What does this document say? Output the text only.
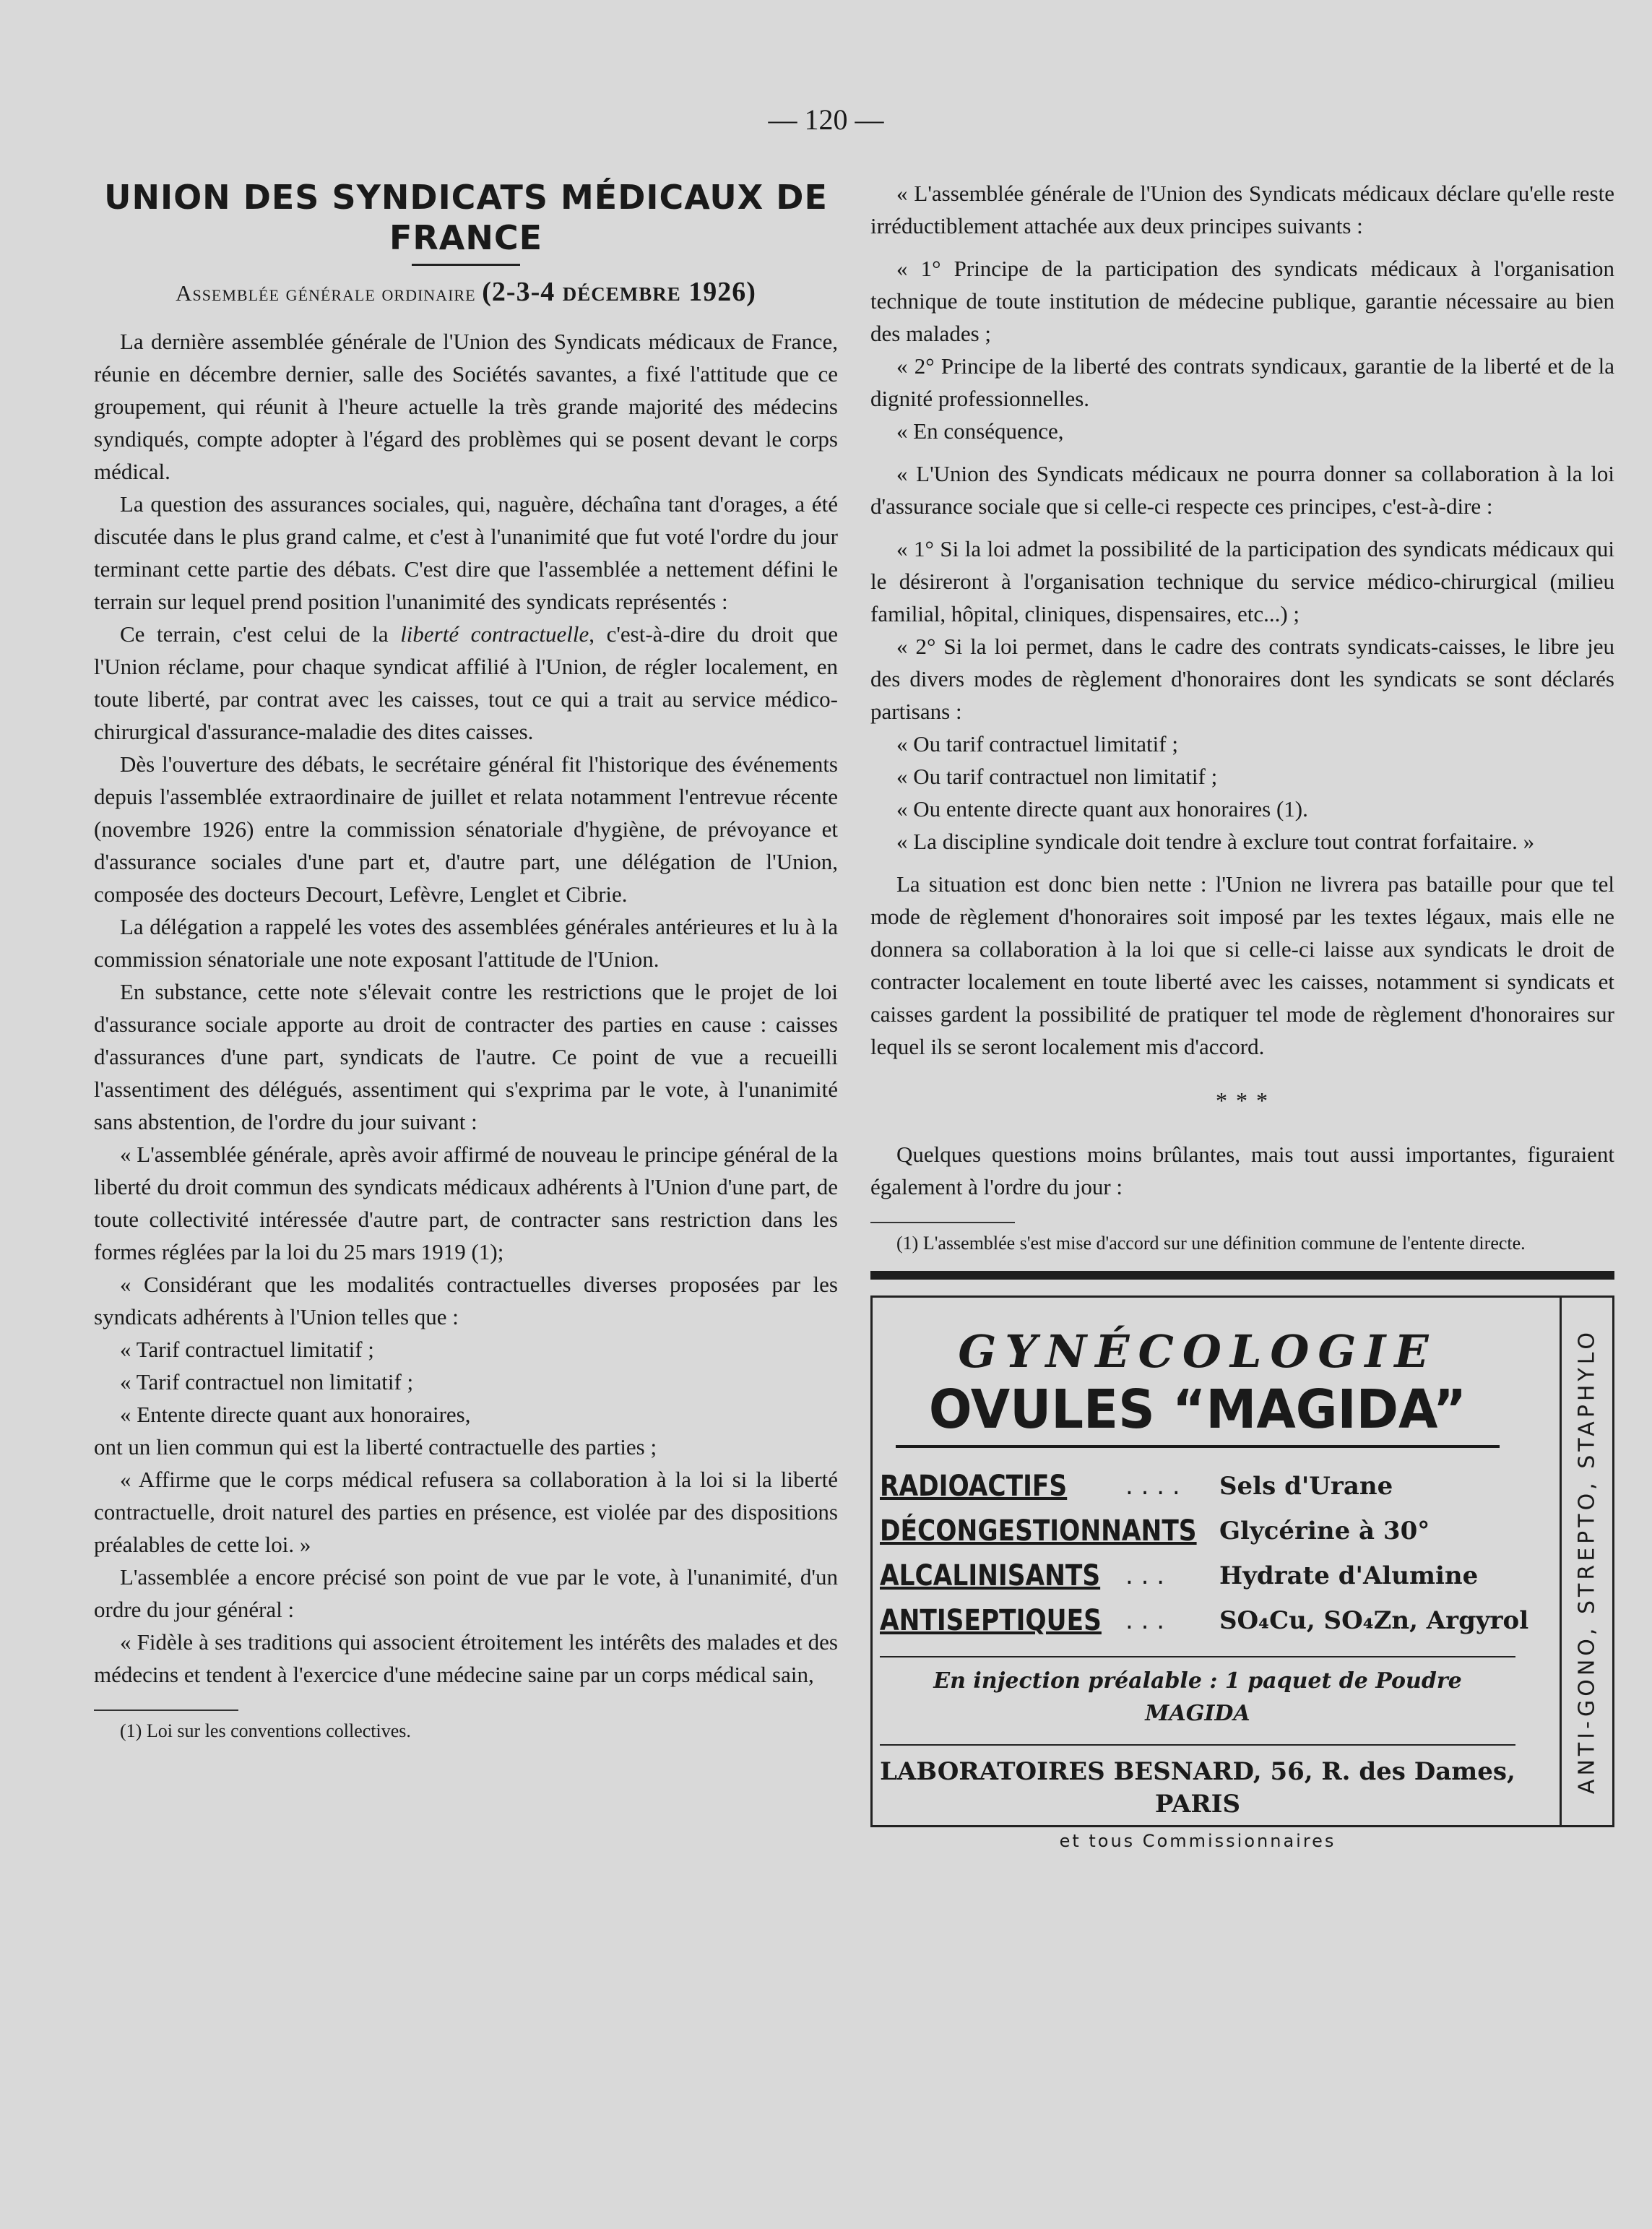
— 120 —
UNION DES SYNDICATS MÉDICAUX DE FRANCE
Assemblée générale ordinaire (2-3-4 décembre 1926)

La dernière assemblée générale de l'Union des Syndicats médicaux de France, réunie en décembre dernier, salle des Sociétés savantes, a fixé l'attitude que ce groupement, qui réunit à l'heure actuelle la très grande majorité des médecins syndiqués, compte adopter à l'égard des problèmes qui se posent devant le corps médical.

La question des assurances sociales, qui, naguère, déchaîna tant d'orages, a été discutée dans le plus grand calme, et c'est à l'unanimité que fut voté l'ordre du jour terminant cette partie des débats. C'est dire que l'assemblée a nettement défini le terrain sur lequel prend position l'unanimité des syndicats représentés :

Ce terrain, c'est celui de la liberté contractuelle, c'est-à-dire du droit que l'Union réclame, pour chaque syndicat affilié à l'Union, de régler localement, en toute liberté, par contrat avec les caisses, tout ce qui a trait au service médico-chirurgical d'assurance-maladie des dites caisses.

Dès l'ouverture des débats, le secrétaire général fit l'historique des événements depuis l'assemblée extraordinaire de juillet et relata notamment l'entrevue récente (novembre 1926) entre la commission sénatoriale d'hygiène, de prévoyance et d'assurance sociales d'une part et, d'autre part, une délégation de l'Union, composée des docteurs Decourt, Lefèvre, Lenglet et Cibrie.

La délégation a rappelé les votes des assemblées générales antérieures et lu à la commission sénatoriale une note exposant l'attitude de l'Union.

En substance, cette note s'élevait contre les restrictions que le projet de loi d'assurance sociale apporte au droit de contracter des parties en cause : caisses d'assurances d'une part, syndicats de l'autre. Ce point de vue a recueilli l'assentiment des délégués, assentiment qui s'exprima par le vote, à l'unanimité sans abstention, de l'ordre du jour suivant :

« L'assemblée générale, après avoir affirmé de nouveau le principe général de la liberté du droit commun des syndicats médicaux adhérents à l'Union d'une part, de toute collectivité intéressée d'autre part, de contracter sans restriction dans les formes réglées par la loi du 25 mars 1919 (1);

« Considérant que les modalités contractuelles diverses proposées par les syndicats adhérents à l'Union telles que :

« Tarif contractuel limitatif ;

« Tarif contractuel non limitatif ;

« Entente directe quant aux honoraires,

ont un lien commun qui est la liberté contractuelle des parties ;

« Affirme que le corps médical refusera sa collaboration à la loi si la liberté contractuelle, droit naturel des parties en présence, est violée par des dispositions préalables de cette loi. »

L'assemblée a encore précisé son point de vue par le vote, à l'unanimité, d'un ordre du jour général :

« Fidèle à ses traditions qui associent étroitement les intérêts des malades et des médecins et tendent à l'exercice d'une médecine saine par un corps médical sain,

(1) Loi sur les conventions collectives.

« L'assemblée générale de l'Union des Syndicats médicaux déclare qu'elle reste irréductiblement attachée aux deux principes suivants :

« 1° Principe de la participation des syndicats médicaux à l'organisation technique de toute institution de médecine publique, garantie nécessaire au bien des malades ;

« 2° Principe de la liberté des contrats syndicaux, garantie de la liberté et de la dignité professionnelles.

« En conséquence,

« L'Union des Syndicats médicaux ne pourra donner sa collaboration à la loi d'assurance sociale que si celle-ci respecte ces principes, c'est-à-dire :

« 1° Si la loi admet la possibilité de la participation des syndicats médicaux qui le désireront à l'organisation technique du service médico-chirurgical (milieu familial, hôpital, cliniques, dispensaires, etc...) ;

« 2° Si la loi permet, dans le cadre des contrats syndicats-caisses, le libre jeu des divers modes de règlement d'honoraires dont les syndicats se sont déclarés partisans :

« Ou tarif contractuel limitatif ;

« Ou tarif contractuel non limitatif ;

« Ou entente directe quant aux honoraires (1).

« La discipline syndicale doit tendre à exclure tout contrat forfaitaire. »

La situation est donc bien nette : l'Union ne livrera pas bataille pour que tel mode de règlement d'honoraires soit imposé par les textes légaux, mais elle ne donnera sa collaboration à la loi que si celle-ci laisse aux syndicats le droit de contracter localement en toute liberté avec les caisses, notamment si syndicats et caisses gardent la possibilité de pratiquer tel mode de règlement d'honoraires sur lequel ils se seront localement mis d'accord.

* * *

Quelques questions moins brûlantes, mais tout aussi importantes, figuraient également à l'ordre du jour :

(1) L'assemblée s'est mise d'accord sur une définition commune de l'entente directe.

GYNÉCOLOGIE
OVULES “MAGIDA”
RADIOACTIFS . . . . Sels d'Urane
DÉCONGESTIONNANTS Glycérine à 30°
ALCALINISANTS . . . Hydrate d'Alumine
ANTISEPTIQUES . . . SO₄Cu, SO₄Zn, Argyrol
En injection préalable : 1 paquet de Poudre MAGIDA
LABORATOIRES BESNARD, 56, R. des Dames, PARIS
et tous Commissionnaires
ANTI-GONO, STREPTO, STAPHYLO
